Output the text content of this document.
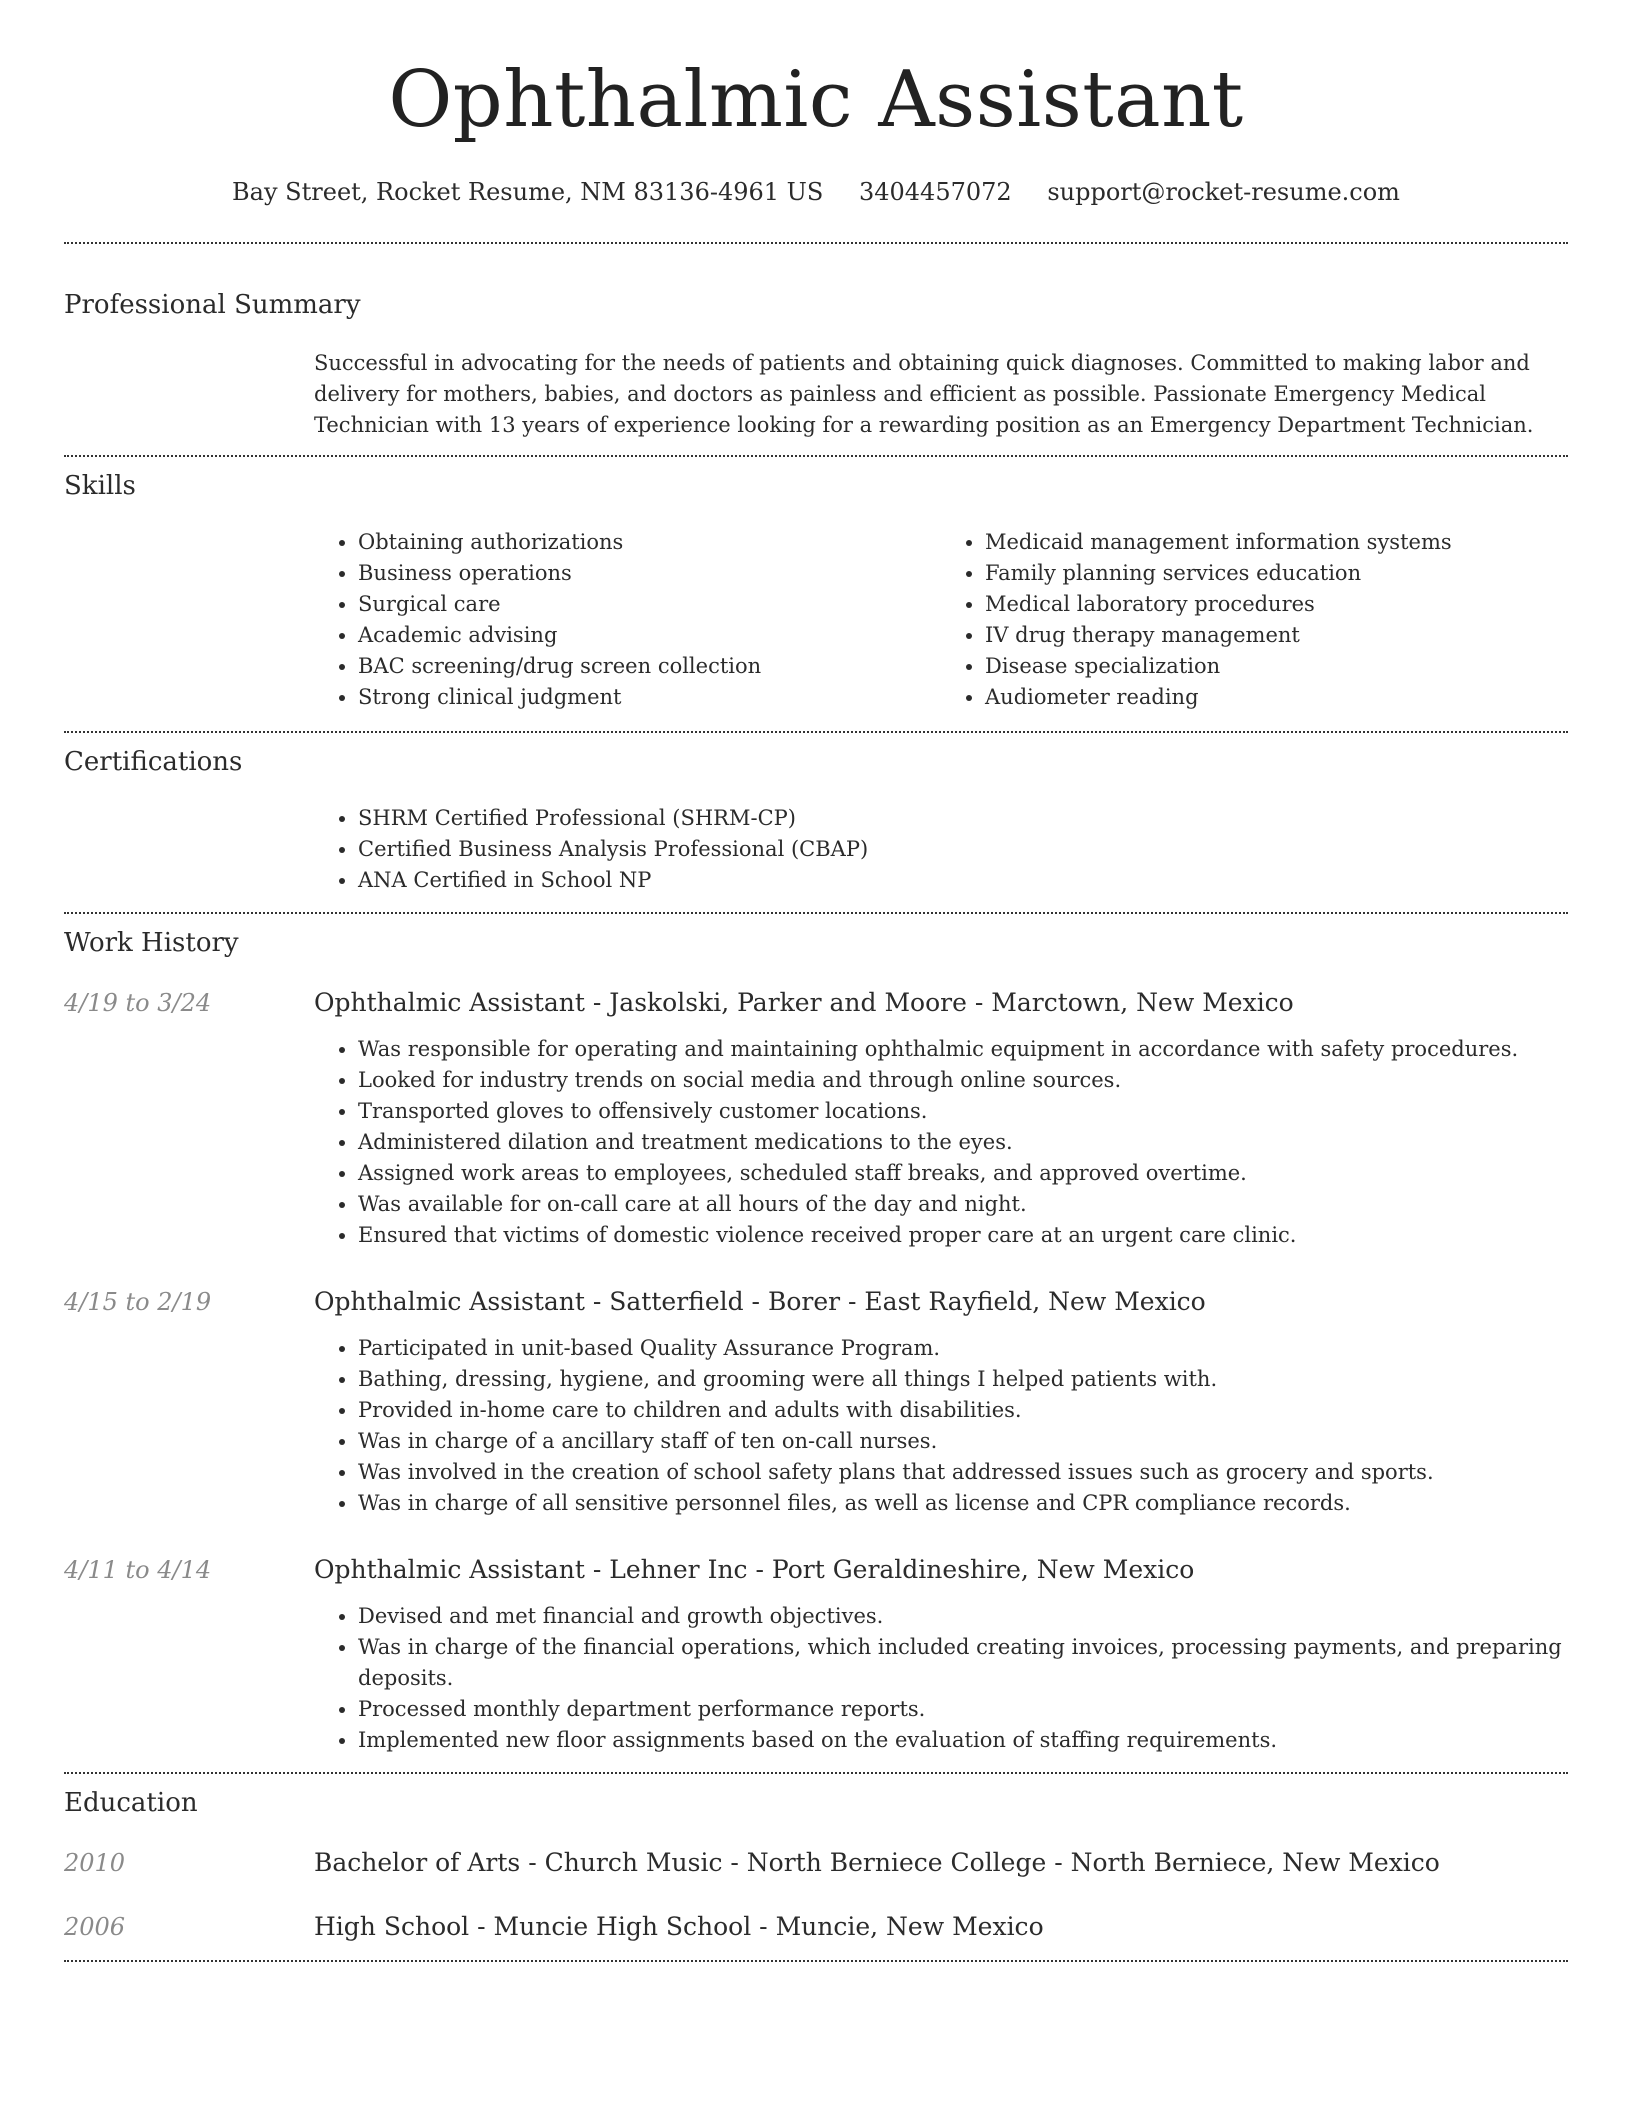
Ophthalmic Assistant
Bay Street, Rocket Resume, NM 83136-4961 US 3404457072 support@rocket-resume.com
Professional Summary
Successful in advocating for the needs of patients and obtaining quick diagnoses. Committed to making labor and delivery for mothers, babies, and doctors as painless and efficient as possible. Passionate Emergency Medical Technician with 13 years of experience looking for a rewarding position as an Emergency Department Technician.
Skills
• Obtaining authorizations
• Business operations
• Surgical care
• Academic advising
• BAC screening/drug screen collection
• Strong clinical judgment
• Medicaid management information systems
• Family planning services education
• Medical laboratory procedures
• IV drug therapy management
• Disease specialization
• Audiometer reading
Certifications
• SHRM Certified Professional (SHRM-CP)
• Certified Business Analysis Professional (CBAP)
• ANA Certified in School NP
Work History
4/19 to 3/24	Ophthalmic Assistant - Jaskolski, Parker and Moore - Marctown, New Mexico
• Was responsible for operating and maintaining ophthalmic equipment in accordance with safety procedures.
• Looked for industry trends on social media and through online sources.
• Transported gloves to offensively customer locations.
• Administered dilation and treatment medications to the eyes.
• Assigned work areas to employees, scheduled staff breaks, and approved overtime.
• Was available for on-call care at all hours of the day and night.
• Ensured that victims of domestic violence received proper care at an urgent care clinic.
4/15 to 2/19	Ophthalmic Assistant - Satterfield - Borer - East Rayfield, New Mexico
• Participated in unit-based Quality Assurance Program.
• Bathing, dressing, hygiene, and grooming were all things I helped patients with.
• Provided in-home care to children and adults with disabilities.
• Was in charge of a ancillary staff of ten on-call nurses.
• Was involved in the creation of school safety plans that addressed issues such as grocery and sports.
• Was in charge of all sensitive personnel files, as well as license and CPR compliance records.
4/11 to 4/14	Ophthalmic Assistant - Lehner Inc - Port Geraldineshire, New Mexico
• Devised and met financial and growth objectives.
• Was in charge of the financial operations, which included creating invoices, processing payments, and preparing deposits.
• Processed monthly department performance reports.
• Implemented new floor assignments based on the evaluation of staffing requirements.
Education
2010	Bachelor of Arts - Church Music - North Berniece College - North Berniece, New Mexico
2006	High School - Muncie High School - Muncie, New Mexico
